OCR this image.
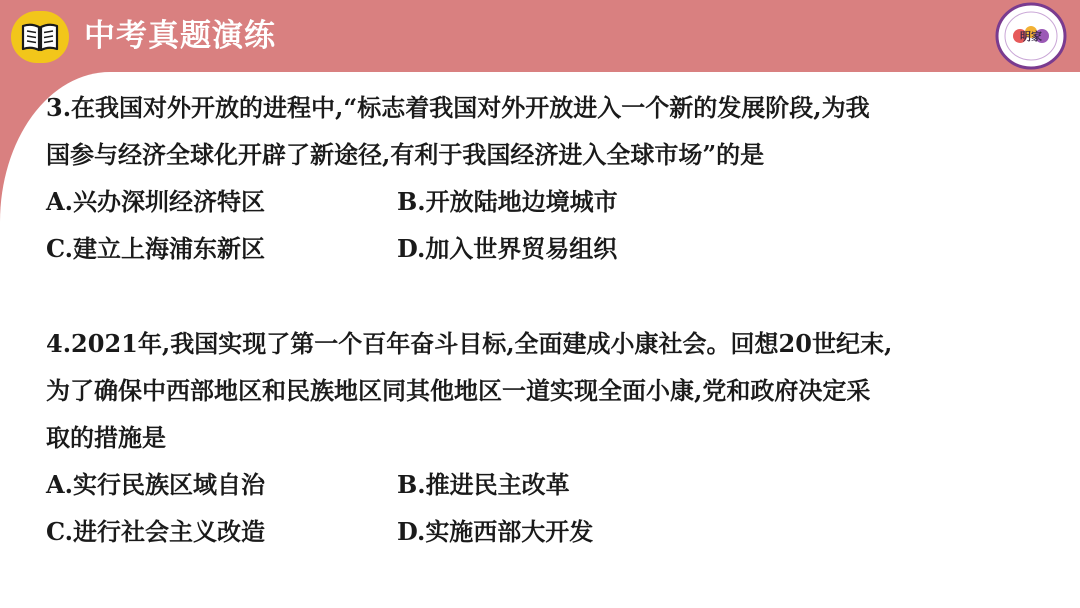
中考真题演练	明家

3.在我国对外开放的进程中,“标志着我国对外开放进入一个新的发展阶段,为我
国参与经济全球化开辟了新途径,有利于我国经济进入全球市场”的是

A.兴办深圳经济特区	B.开放陆地边境城市
C.建立上海浦东新区	D.加入世界贸易组织

4.2021年,我国实现了第一个百年奋斗目标,全面建成小康社会。回想20世纪末,
为了确保中西部地区和民族地区同其他地区一道实现全面小康,党和政府决定采
取的措施是

A.实行民族区域自治	B.推进民主改革
C.进行社会主义改造	D.实施西部大开发
